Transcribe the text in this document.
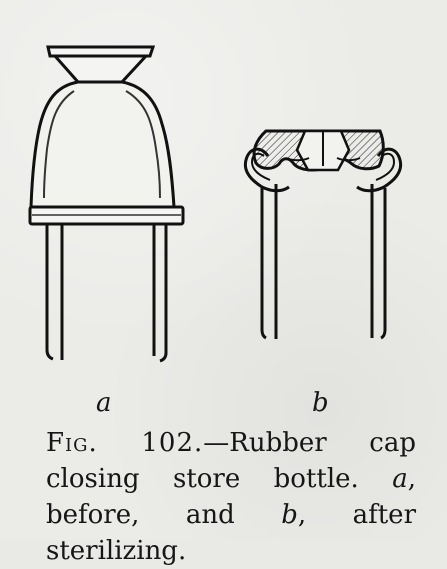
a	b
Fig. 102.—Rubber cap closing store bottle. a, before, and b, after sterilizing.
